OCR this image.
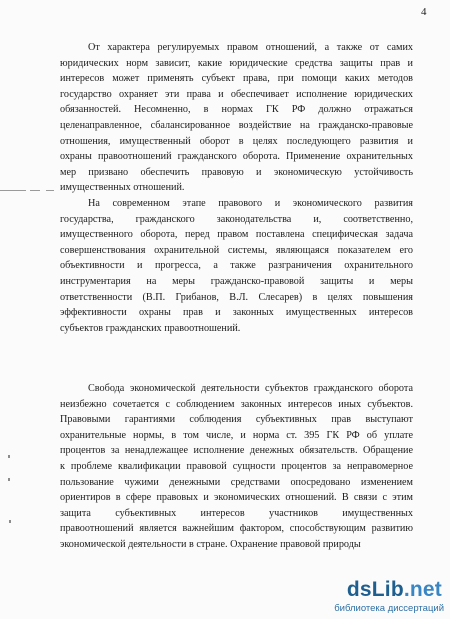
4
От характера регулируемых правом отношений, а также от самих
юридических норм зависит, какие юридические средства защиты прав и
интересов может применять субъект права, при помощи каких методов
государство охраняет эти права и обеспечивает исполнение юридических
обязанностей. Несомненно, в нормах ГК РФ должно отражаться
целенаправленное, сбалансированное воздействие на гражданско-правовые
отношения, имущественный оборот в целях последующего развития и
охраны правоотношений гражданского оборота. Применение охранительных
мер призвано обеспечить правовую и экономическую устойчивость
имущественных отношений.
На современном этапе правового и экономического развития
государства, гражданского законодательства и, соответственно,
имущественного оборота, перед правом поставлена специфическая задача
совершенствования охранительной системы, являющаяся показателем его
объективности и прогресса, а также разграничения охранительного
инструментария на меры гражданско-правовой защиты и меры
ответственности (В.П. Грибанов, В.Л. Слесарев) в целях повышения
эффективности охраны прав и законных имущественных интересов
субъектов гражданских правоотношений.
Свобода экономической деятельности субъектов гражданского оборота
неизбежно сочетается с соблюдением законных интересов иных субъектов.
Правовыми гарантиями соблюдения субъективных прав выступают
охранительные нормы, в том числе, и норма ст. 395 ГК РФ об уплате
процентов за ненадлежащее исполнение денежных обязательств. Обращение
к проблеме квалификации правовой сущности процентов за неправомерное
пользование чужими денежными средствами опосредовано изменением
ориентиров в сфере правовых и экономических отношений. В связи с этим
защита субъективных интересов участников имущественных
правоотношений является важнейшим фактором, способствующим развитию
экономической деятельности в стране. Охранение правовой природы
dsLib.net
библиотека диссертаций
